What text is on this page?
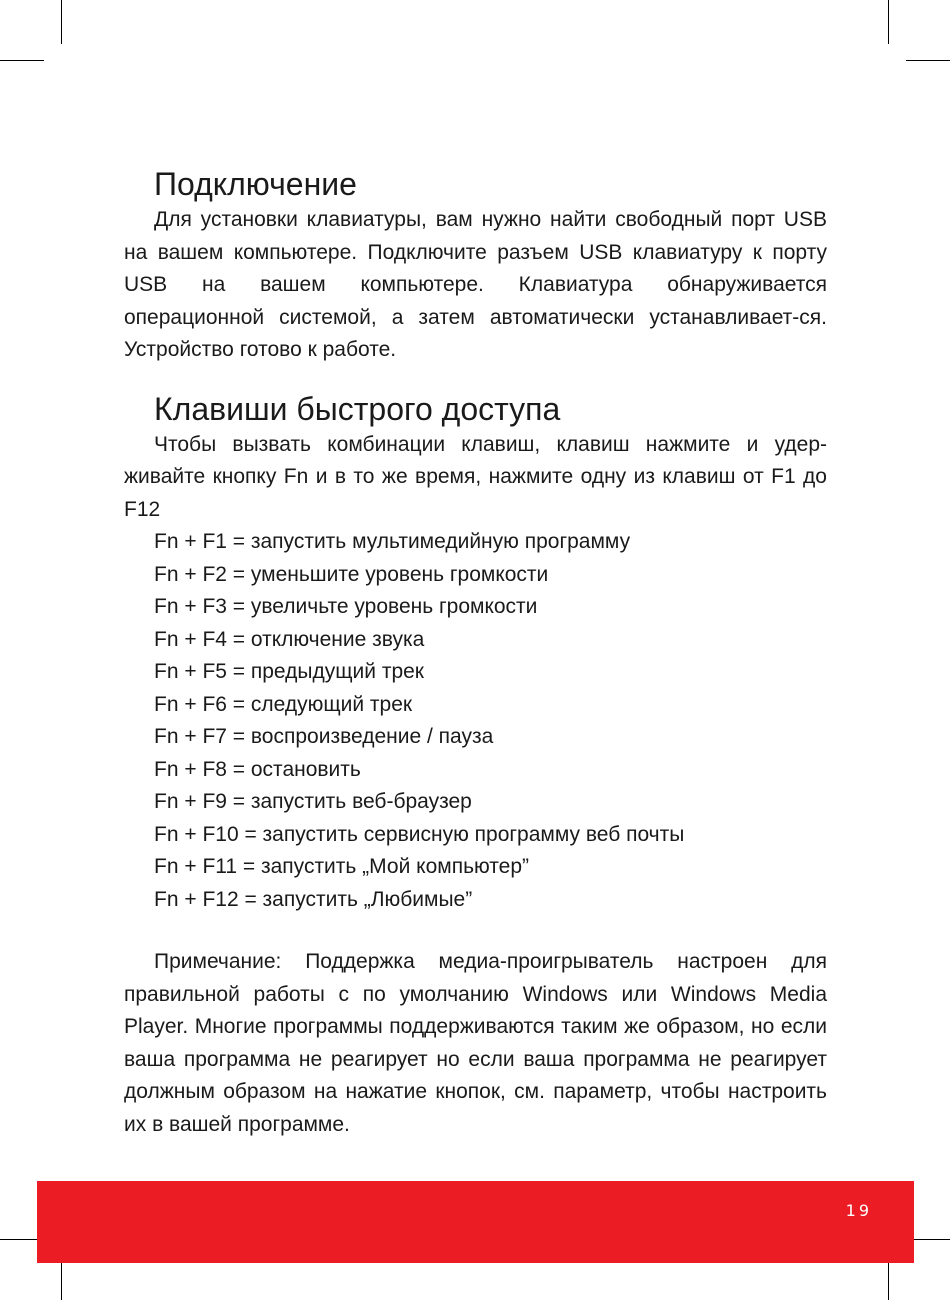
Подключение

Для установки клавиатуры, вам нужно найти свободный порт USB на вашем компьютере. Подключите разъем USB клавиатуру к порту USB на вашем компьютере. Клавиатура обнаруживается операционной системой, а затем автоматически устанавливает-ся. Устройство готово к работе.

Клавиши быстрого доступа

Чтобы вызвать комбинации клавиш, клавиш нажмите и удер-живайте кнопку Fn и в то же время, нажмите одну из клавиш от F1 до F12

Fn + F1 = запустить мультимедийную программу
Fn + F2 = уменьшите уровень громкости
Fn + F3 = увеличьте уровень громкости
Fn + F4 = отключение звука
Fn + F5 = предыдущий трек
Fn + F6 = следующий трек
Fn + F7 = воспроизведение / пауза
Fn + F8 = остановить
Fn + F9 = запустить веб-браузер
Fn + F10 = запустить сервисную программу веб почты
Fn + F11 = запустить „Мой компьютер”
Fn + F12 = запустить „Любимые”

Примечание: Поддержка медиа-проигрыватель настроен для правильной работы с по умолчанию Windows или Windows Media Player. Многие программы поддерживаются таким же образом, но если ваша программа не реагирует но если ваша программа не реагирует должным образом на нажатие кнопок, см. параметр, чтобы настроить их в вашей программе.

19
